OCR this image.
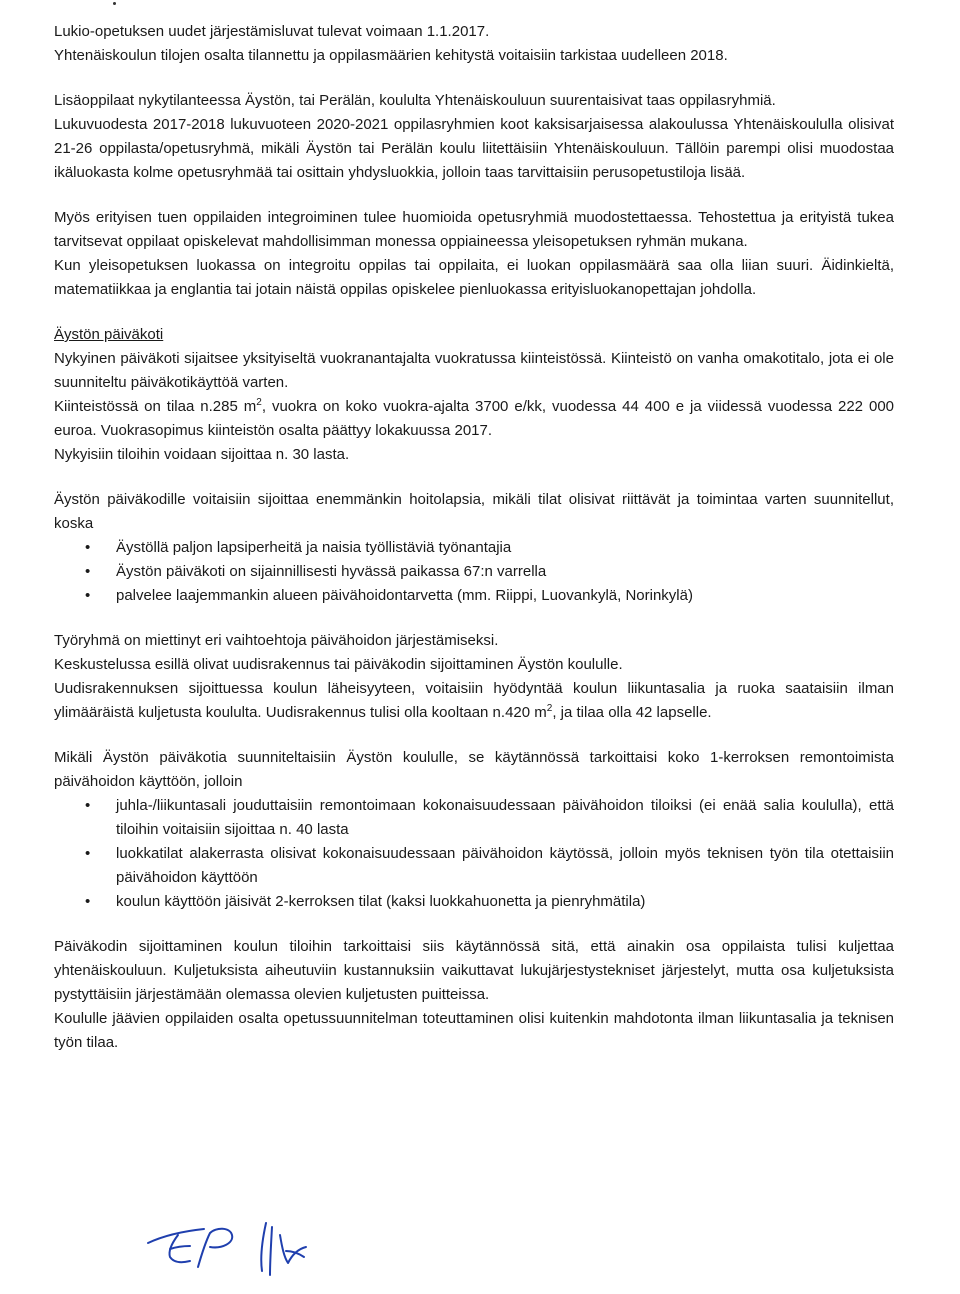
Lukio-opetuksen uudet järjestämisluvat tulevat voimaan 1.1.2017.
Yhtenäiskoulun tilojen osalta tilannettu ja oppilasmäärien kehitystä voitaisiin tarkistaa uudelleen 2018.
Lisäoppilaat nykytilanteessa Äystön, tai Perälän, koululta Yhtenäiskouluun suurentaisivat taas oppilasryhmiä.
Lukuvuodesta 2017-2018 lukuvuoteen 2020-2021 oppilasryhmien koot kaksisarjaisessa alakoulussa Yhtenäiskoululla olisivat 21-26 oppilasta/opetusryhmä, mikäli Äystön tai Perälän koulu liitettäisiin Yhtenäiskouluun. Tällöin parempi olisi muodostaa ikäluokasta kolme opetusryhmää tai osittain yhdysluokkia, jolloin taas tarvittaisiin perusopetustiloja lisää.
Myös erityisen tuen oppilaiden integroiminen tulee huomioida opetusryhmiä muodostettaessa. Tehostettua ja erityistä tukea tarvitsevat oppilaat opiskelevat mahdollisimman monessa oppiaineessa yleisopetuksen ryhmän mukana.
Kun yleisopetuksen luokassa on integroitu oppilas tai oppilaita, ei luokan oppilasmäärä saa olla liian suuri. Äidinkieltä, matematiikkaa ja englantia tai jotain näistä oppilas opiskelee pienluokassa erityisluokanopettajan johdolla.
Äystön päiväkoti
Nykyinen päiväkoti sijaitsee yksityiseltä vuokranantajalta vuokratussa kiinteistössä. Kiinteistö on vanha omakotitalo, jota ei ole suunniteltu päiväkotikäyttöä varten.
Kiinteistössä on tilaa n.285 $m^2$, vuokra on koko vuokra-ajalta 3700 e/kk, vuodessa 44 400 e ja viidessä vuodessa 222 000 euroa. Vuokrasopimus kiinteistön osalta päättyy lokakuussa 2017.
Nykyisiin tiloihin voidaan sijoittaa n. 30 lasta.
Äystön päiväkodille voitaisiin sijoittaa enemmänkin hoitolapsia, mikäli tilat olisivat riittävät ja toimintaa varten suunnitellut, koska
• Äystöllä paljon lapsiperheitä ja naisia työllistäviä työnantajia
• Äystön päiväkoti on sijainnillisesti hyvässä paikassa 67:n varrella
• palvelee laajemmankin alueen päivähoidontarvetta (mm. Riippi, Luovankylä, Norinkylä)
Työryhmä on miettinyt eri vaihtoehtoja päivähoidon järjestämiseksi.
Keskustelussa esillä olivat uudisrakennus tai päiväkodin sijoittaminen Äystön koululle.
Uudisrakennuksen sijoittuessa koulun läheisyyteen, voitaisiin hyödyntää koulun liikuntasalia ja ruoka saataisiin ilman ylimääräistä kuljetusta koululta. Uudisrakennus tulisi olla kooltaan n.420 $m^2$, ja tilaa olla 42 lapselle.
Mikäli Äystön päiväkotia suunniteltaisiin Äystön koululle, se käytännössä tarkoittaisi koko 1-kerroksen remontoimista päivähoidon käyttöön, jolloin
• juhla-/liikuntasali jouduttaisiin remontoimaan kokonaisuudessaan päivähoidon tiloiksi (ei enää salia koululla), että tiloihin voitaisiin sijoittaa n. 40 lasta
• luokkatilat alakerrasta olisivat kokonaisuudessaan päivähoidon käytössä, jolloin myös teknisen työn tila otettaisiin päivähoidon käyttöön
• koulun käyttöön jäisivät 2-kerroksen tilat (kaksi luokkahuonetta ja pienryhmätila)
Päiväkodin sijoittaminen koulun tiloihin tarkoittaisi siis käytännössä sitä, että ainakin osa oppilaista tulisi kuljettaa yhtenäiskouluun. Kuljetuksista aiheutuviin kustannuksiin vaikuttavat lukujärjestystekniset järjestelyt, mutta osa kuljetuksista pystyttäisiin järjestämään olemassa olevien kuljetusten puitteissa.
Koululle jäävien oppilaiden osalta opetussuunnitelman toteuttaminen olisi kuitenkin mahdotonta ilman liikuntasalia ja teknisen työn tilaa.
